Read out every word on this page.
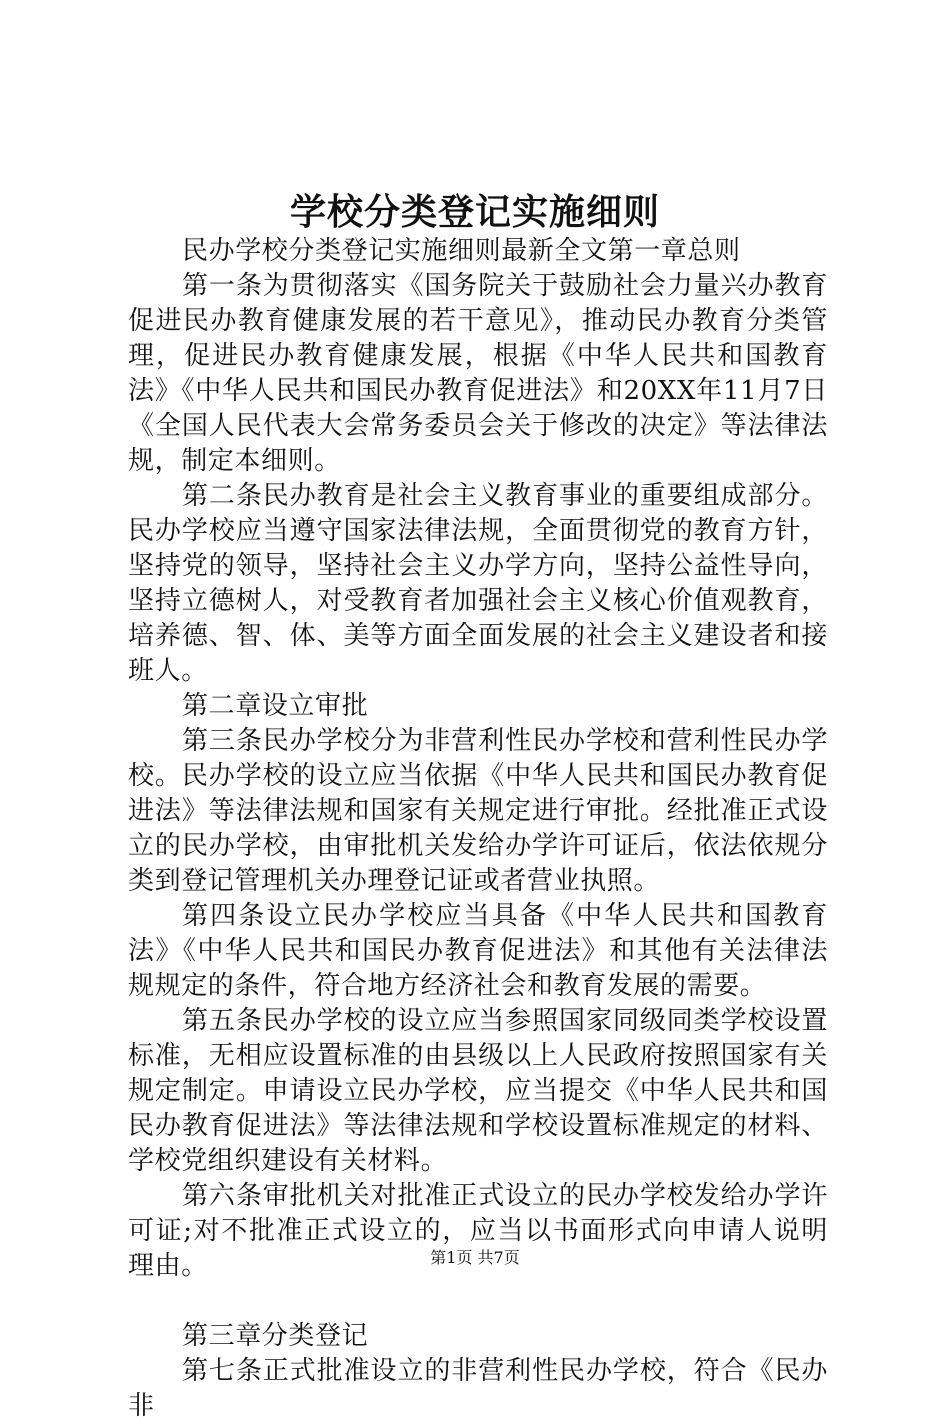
学校分类登记实施细则

民办学校分类登记实施细则最新全文第一章总则

第一条为贯彻落实《国务院关于鼓励社会力量兴办教育促进民办教育健康发展的若干意见》，推动民办教育分类管理，促进民办教育健康发展，根据《中华人民共和国教育法》《中华人民共和国民办教育促进法》和20XX年11月7日《全国人民代表大会常务委员会关于修改的决定》等法律法规，制定本细则。

第二条民办教育是社会主义教育事业的重要组成部分。民办学校应当遵守国家法律法规，全面贯彻党的教育方针，坚持党的领导，坚持社会主义办学方向，坚持公益性导向，坚持立德树人，对受教育者加强社会主义核心价值观教育，培养德、智、体、美等方面全面发展的社会主义建设者和接班人。

第二章设立审批

第三条民办学校分为非营利性民办学校和营利性民办学校。民办学校的设立应当依据《中华人民共和国民办教育促进法》等法律法规和国家有关规定进行审批。经批准正式设立的民办学校，由审批机关发给办学许可证后，依法依规分类到登记管理机关办理登记证或者营业执照。

第四条设立民办学校应当具备《中华人民共和国教育法》《中华人民共和国民办教育促进法》和其他有关法律法规规定的条件，符合地方经济社会和教育发展的需要。

第五条民办学校的设立应当参照国家同级同类学校设置标准，无相应设置标准的由县级以上人民政府按照国家有关规定制定。申请设立民办学校，应当提交《中华人民共和国民办教育促进法》等法律法规和学校设置标准规定的材料、学校党组织建设有关材料。

第六条审批机关对批准正式设立的民办学校发给办学许可证;对不批准正式设立的，应当以书面形式向申请人说明理由。

第三章分类登记

第七条正式批准设立的非营利性民办学校，符合《民办非

第1页 共7页
